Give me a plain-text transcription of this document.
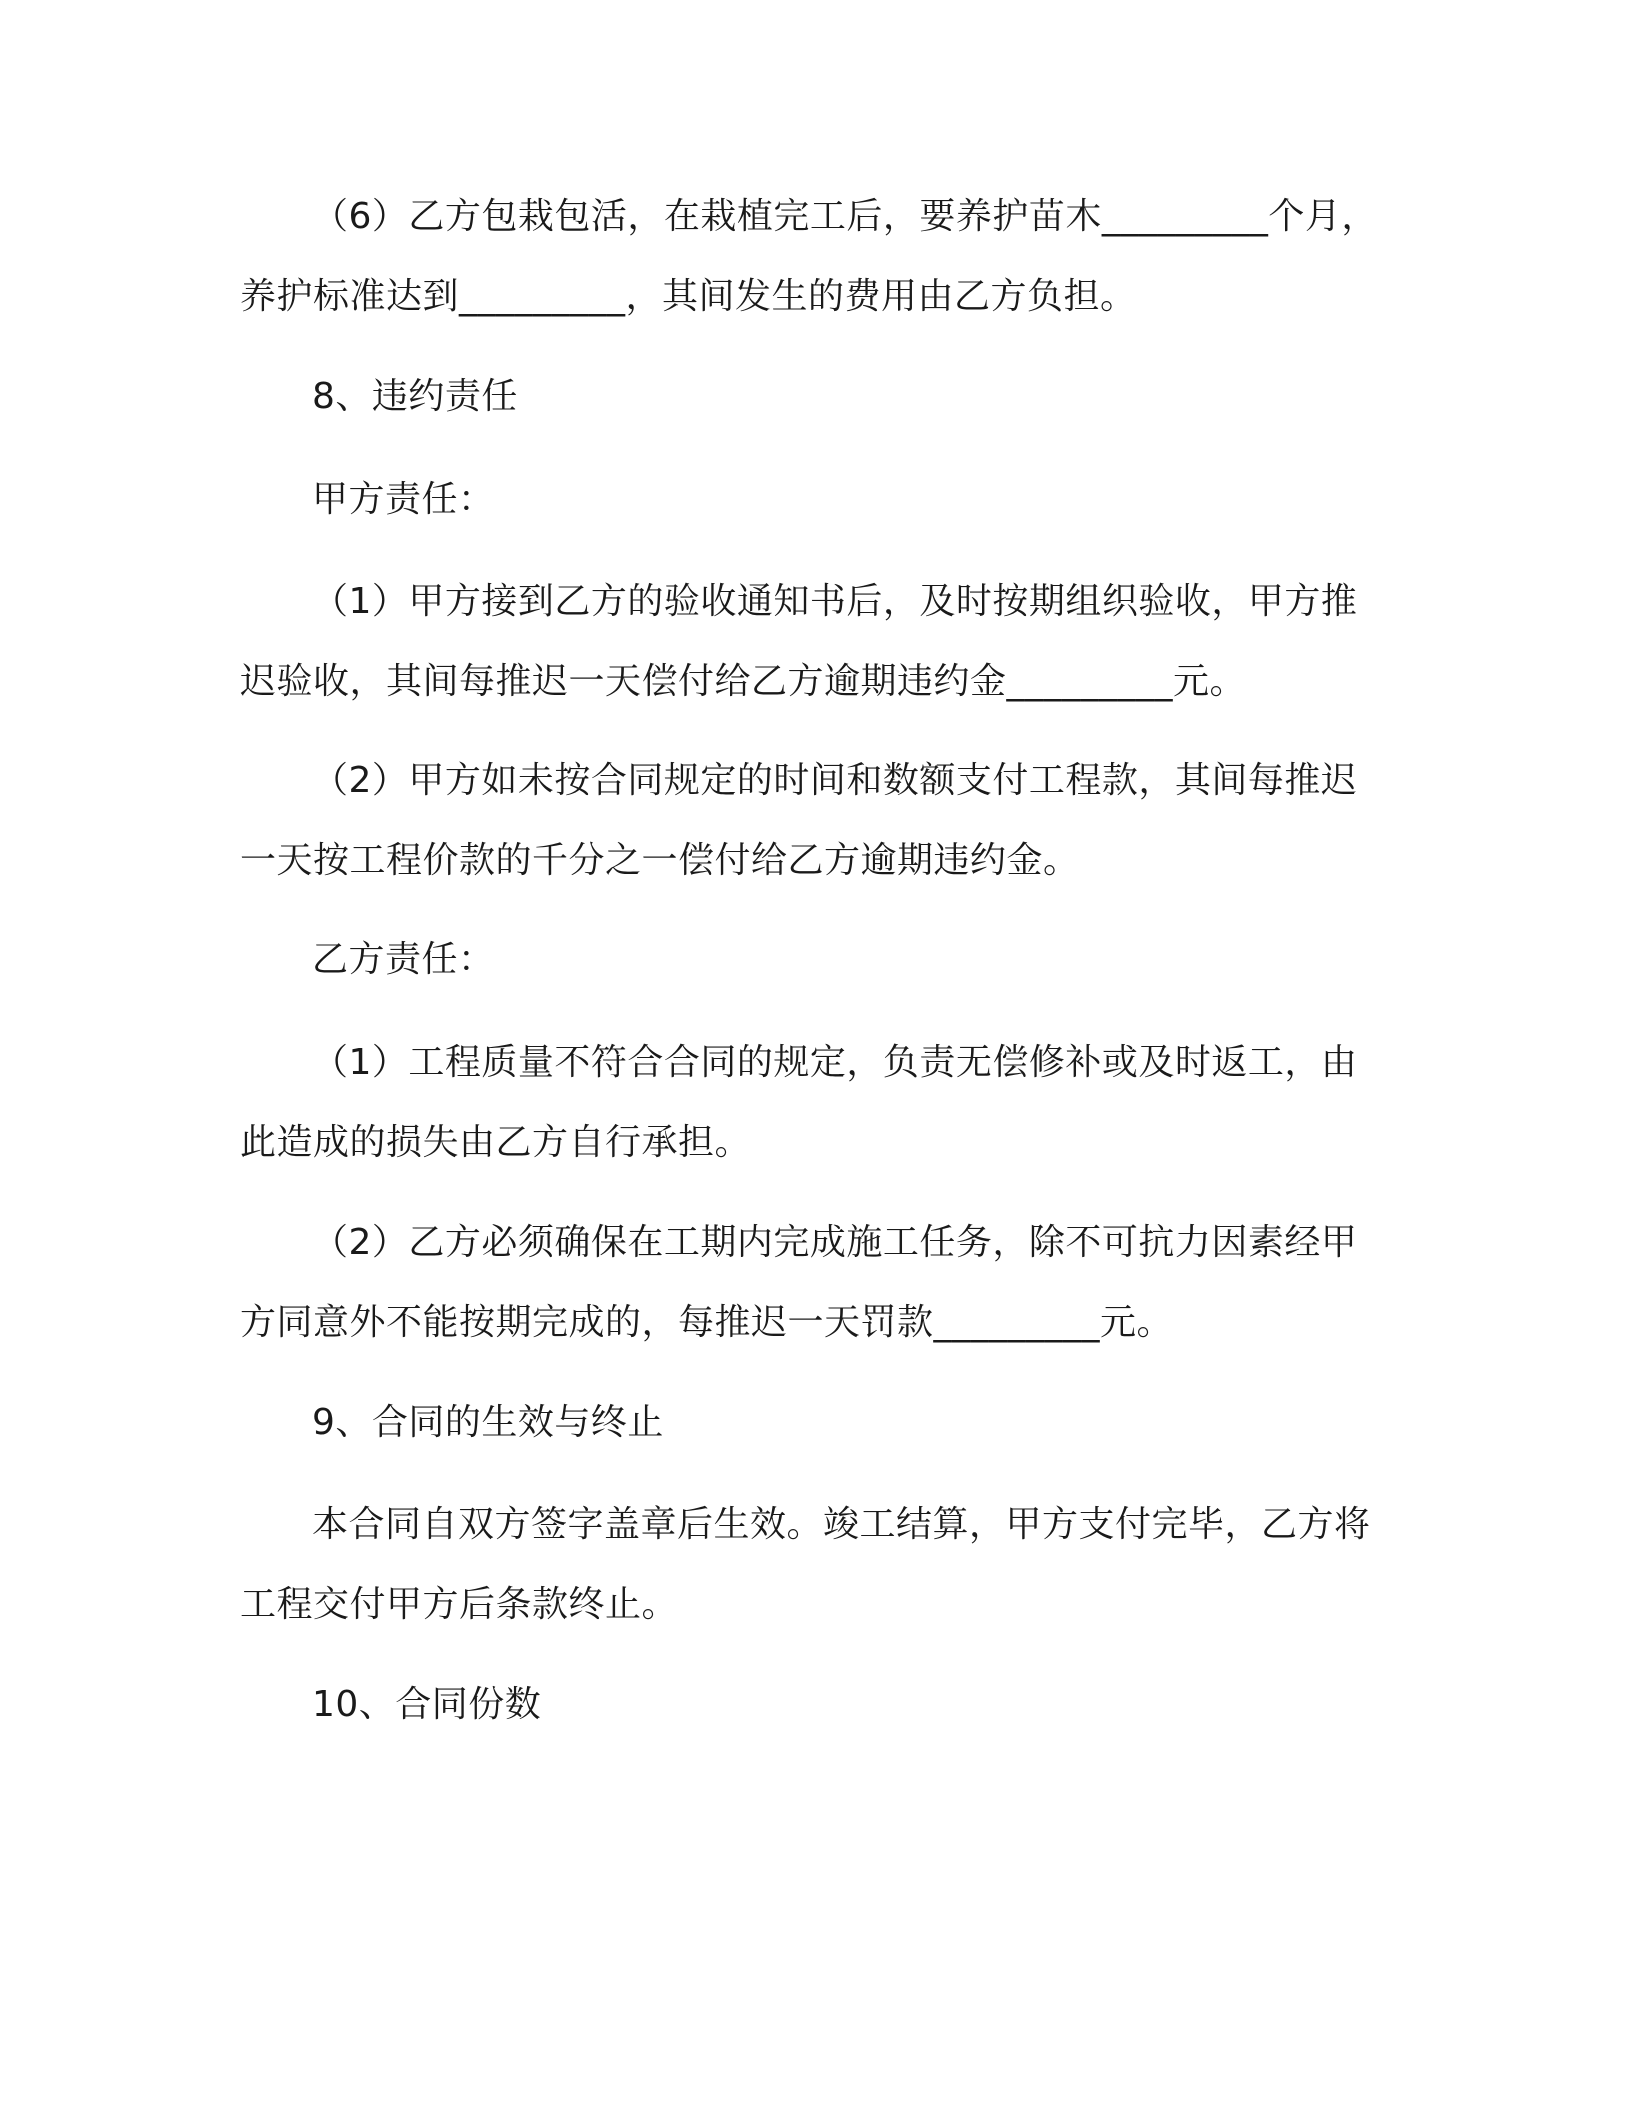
（6）乙方包栽包活，在栽植完工后，要养护苗木_________个月，养护标准达到_________，其间发生的费用由乙方负担。

8、违约责任

甲方责任：

（1）甲方接到乙方的验收通知书后，及时按期组织验收，甲方推迟验收，其间每推迟一天偿付给乙方逾期违约金_________元。

（2）甲方如未按合同规定的时间和数额支付工程款，其间每推迟一天按工程价款的千分之一偿付给乙方逾期违约金。

乙方责任：

（1）工程质量不符合合同的规定，负责无偿修补或及时返工，由此造成的损失由乙方自行承担。

（2）乙方必须确保在工期内完成施工任务，除不可抗力因素经甲方同意外不能按期完成的，每推迟一天罚款_________元。

9、合同的生效与终止

本合同自双方签字盖章后生效。竣工结算，甲方支付完毕，乙方将工程交付甲方后条款终止。

10、合同份数
